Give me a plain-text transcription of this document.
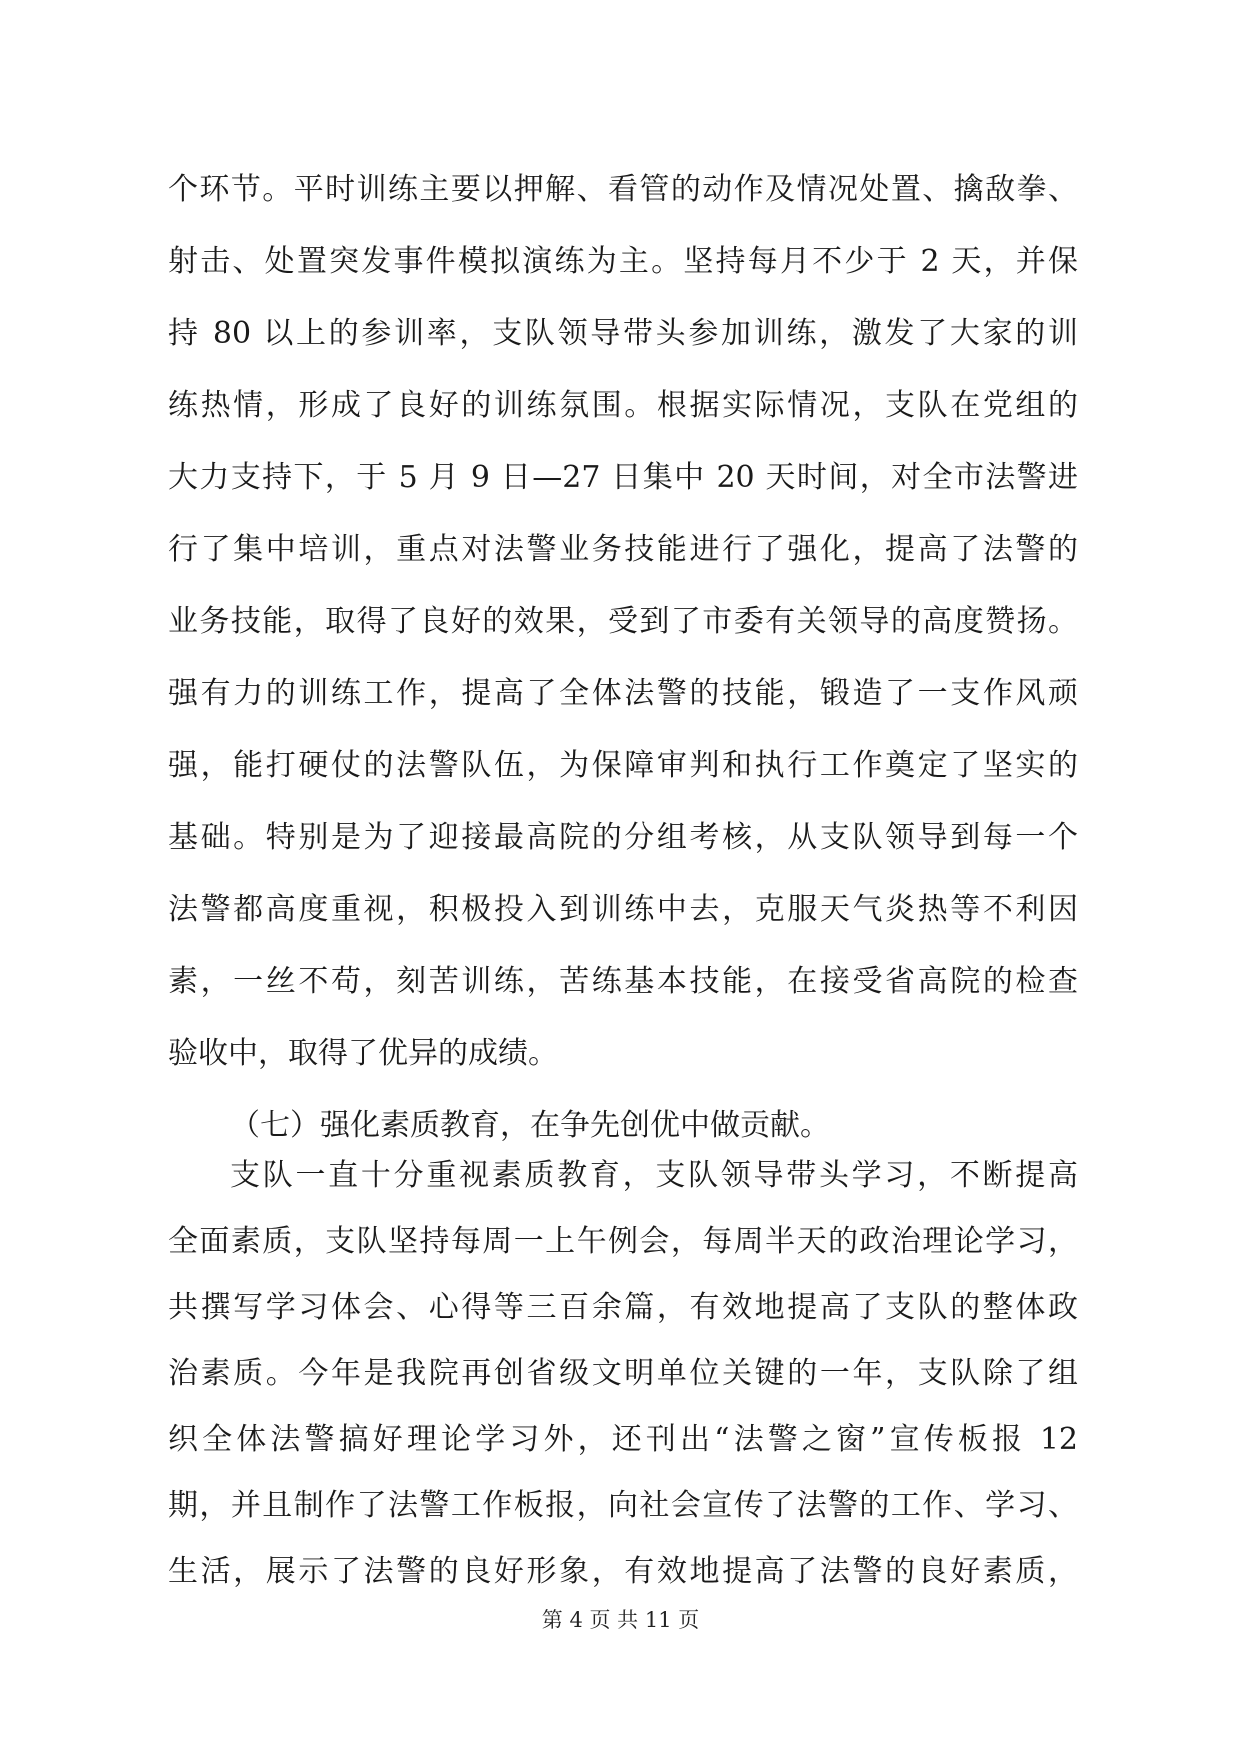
个环节。平时训练主要以押解、看管的动作及情况处置、擒敌拳、
射击、处置突发事件模拟演练为主。坚持每月不少于 2 天，并保
持 80 以上的参训率，支队领导带头参加训练，激发了大家的训
练热情，形成了良好的训练氛围。根据实际情况，支队在党组的
大力支持下，于 5 月 9 日—27 日集中 20 天时间，对全市法警进
行了集中培训，重点对法警业务技能进行了强化，提高了法警的
业务技能，取得了良好的效果，受到了市委有关领导的高度赞扬。
强有力的训练工作，提高了全体法警的技能，锻造了一支作风顽
强，能打硬仗的法警队伍，为保障审判和执行工作奠定了坚实的
基础。特别是为了迎接最高院的分组考核，从支队领导到每一个
法警都高度重视，积极投入到训练中去，克服天气炎热等不利因
素，一丝不苟，刻苦训练，苦练基本技能，在接受省高院的检查
验收中，取得了优异的成绩。
（七）强化素质教育，在争先创优中做贡献。
支队一直十分重视素质教育，支队领导带头学习，不断提高
全面素质，支队坚持每周一上午例会，每周半天的政治理论学习，
共撰写学习体会、心得等三百余篇，有效地提高了支队的整体政
治素质。今年是我院再创省级文明单位关键的一年，支队除了组
织全体法警搞好理论学习外，还刊出“法警之窗”宣传板报 12
期，并且制作了法警工作板报，向社会宣传了法警的工作、学习、
第 4 页 共 11 页
生活，展示了法警的良好形象，有效地提高了法警的良好素质，
